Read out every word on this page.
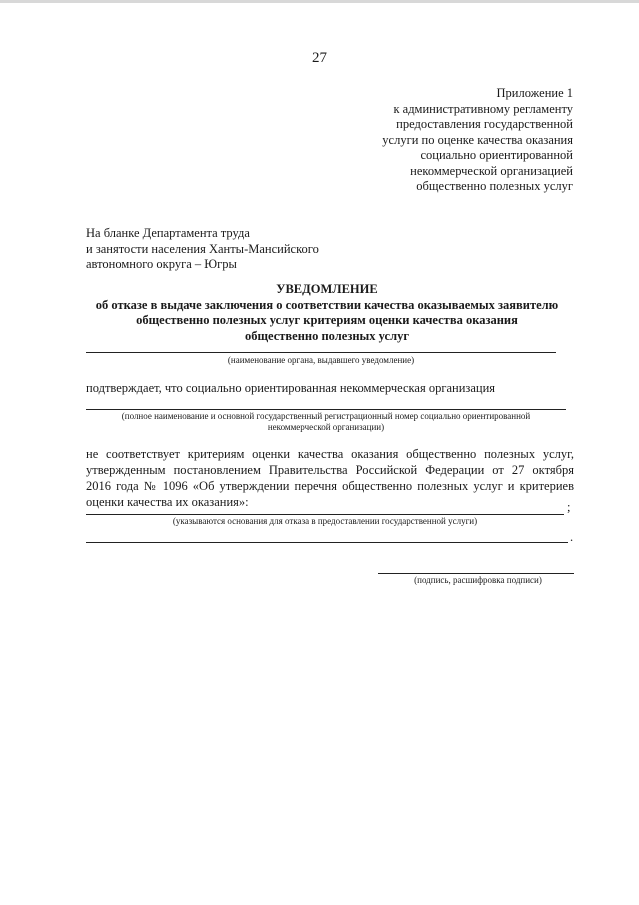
27
Приложение 1
к административному регламенту
предоставления государственной
услуги по оценке качества оказания
социально ориентированной
некоммерческой организацией
общественно полезных услуг
На бланке Департамента труда
и занятости населения Ханты-Мансийского
автономного округа – Югры
УВЕДОМЛЕНИЕ
об отказе в выдаче заключения о соответствии качества оказываемых заявителю
общественно полезных услуг критериям оценки качества оказания
общественно полезных услуг
(наименование органа, выдавшего уведомление)
подтверждает, что социально ориентированная некоммерческая организация
(полное наименование и основной государственный регистрационный номер социально ориентированной
некоммерческой организации)
не соответствует критериям оценки качества оказания общественно полезных услуг,
утвержденным постановлением Правительства Российской Федерации от 27 октября
2016 года № 1096 «Об утверждении перечня общественно полезных услуг и критериев
оценки качества их оказания»:	;
(указываются основания для отказа в предоставлении государственной услуги)
.
(подпись, расшифровка подписи)
